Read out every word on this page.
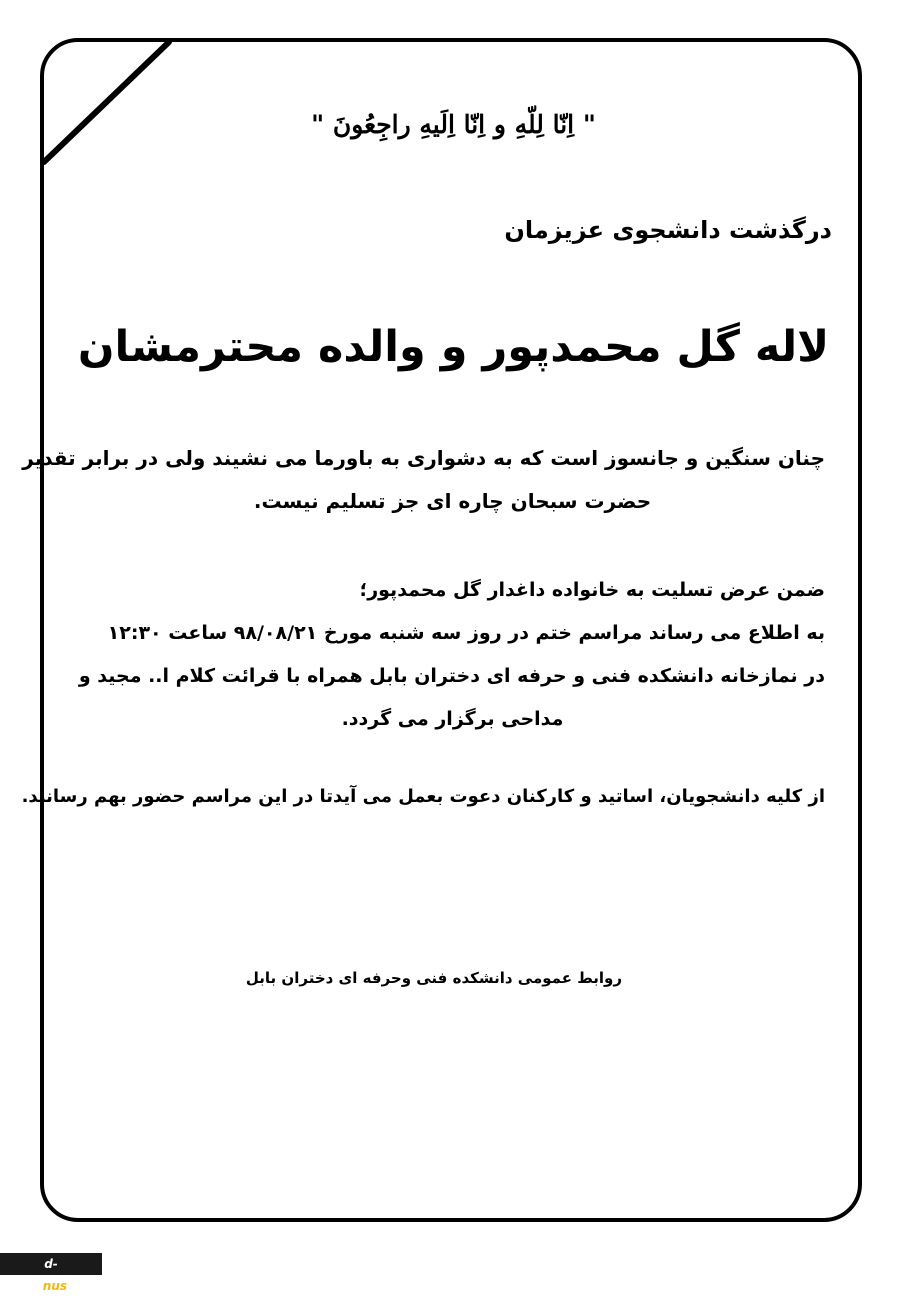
" اِنّا لِلّهِ و اِنّا اِلَیهِ راجِعُونَ "
درگذشت دانشجوی عزیزمان
لاله گل محمدپور و والده محترمشان
چنان سنگین و جانسوز است که به دشواری به باورما می نشیند ولی در برابر تقدیر
حضرت سبحان چاره ای جز تسلیم نیست.
ضمن عرض تسلیت به خانواده داغدار گل محمدپور؛
به اطلاع می رساند مراسم ختم در روز سه شنبه مورخ ۹۸/۰۸/۲۱ ساعت ۱۲:۳۰
در نمازخانه دانشکده فنی و حرفه ای دختران بابل همراه با قرائت کلام ا.. مجید و
مداحی برگزار می گردد.
از کلیه دانشجویان، اساتید و کارکنان دعوت بعمل می آیدتا در این مراسم حضور بهم رسانند.
روابط عمومی دانشکده فنی وحرفه ای دختران بابل
d-babol.nus.ac.ir
